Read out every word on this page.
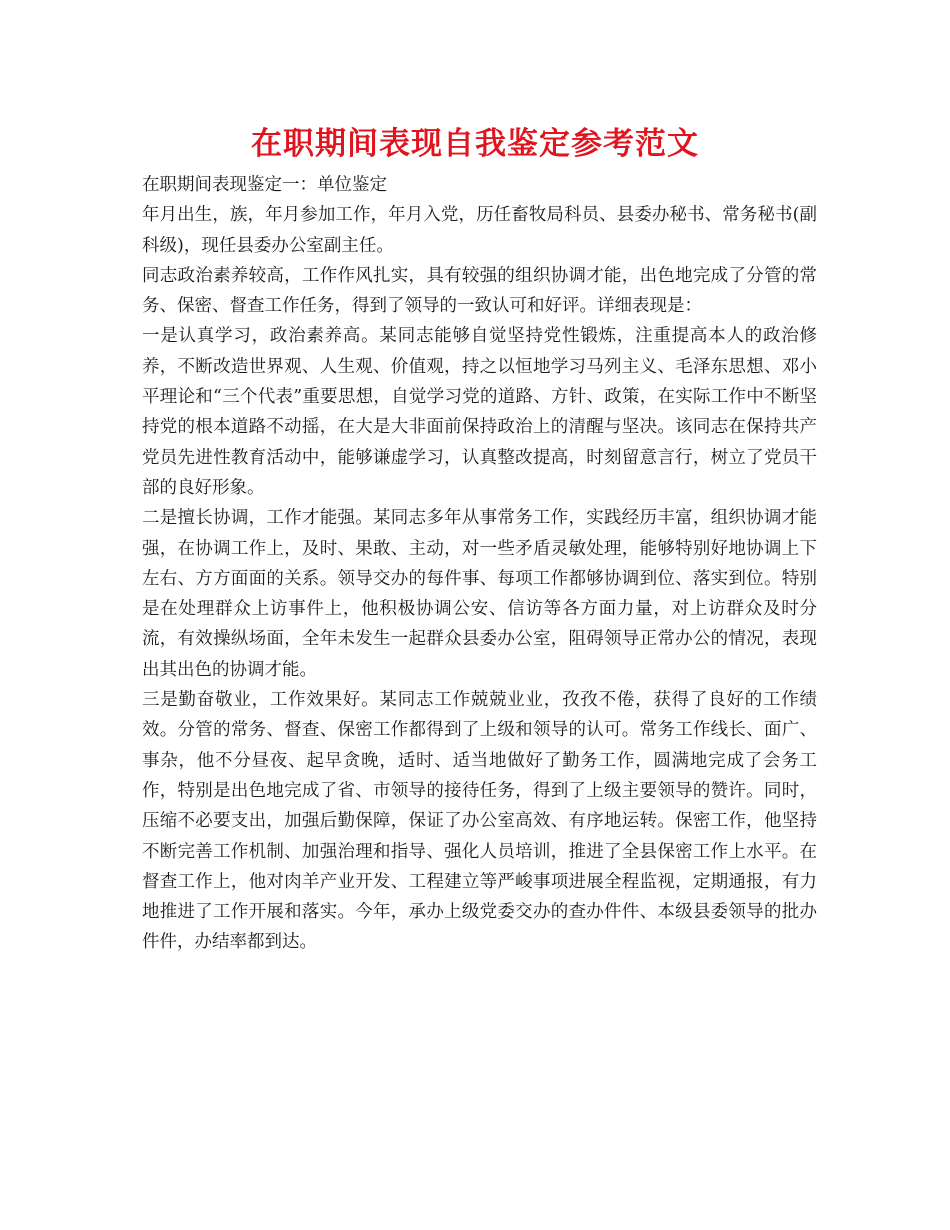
在职期间表现自我鉴定参考范文

在职期间表现鉴定一：单位鉴定

年月出生，族，年月参加工作，年月入党，历任畜牧局科员、县委办秘书、常务秘书(副科级)，现任县委办公室副主任。

同志政治素养较高，工作作风扎实，具有较强的组织协调才能，出色地完成了分管的常务、保密、督查工作任务，得到了领导的一致认可和好评。详细表现是：

一是认真学习，政治素养高。某同志能够自觉坚持党性锻炼，注重提高本人的政治修养，不断改造世界观、人生观、价值观，持之以恒地学习马列主义、毛泽东思想、邓小平理论和“三个代表”重要思想，自觉学习党的道路、方针、政策，在实际工作中不断坚持党的根本道路不动摇，在大是大非面前保持政治上的清醒与坚决。该同志在保持共产党员先进性教育活动中，能够谦虚学习，认真整改提高，时刻留意言行，树立了党员干部的良好形象。

二是擅长协调，工作才能强。某同志多年从事常务工作，实践经历丰富，组织协调才能强，在协调工作上，及时、果敢、主动，对一些矛盾灵敏处理，能够特别好地协调上下左右、方方面面的关系。领导交办的每件事、每项工作都够协调到位、落实到位。特别是在处理群众上访事件上，他积极协调公安、信访等各方面力量，对上访群众及时分流，有效操纵场面，全年未发生一起群众县委办公室，阻碍领导正常办公的情况，表现出其出色的协调才能。

三是勤奋敬业，工作效果好。某同志工作兢兢业业，孜孜不倦，获得了良好的工作绩效。分管的常务、督查、保密工作都得到了上级和领导的认可。常务工作线长、面广、事杂，他不分昼夜、起早贪晚，适时、适当地做好了勤务工作，圆满地完成了会务工作，特别是出色地完成了省、市领导的接待任务，得到了上级主要领导的赞许。同时，压缩不必要支出，加强后勤保障，保证了办公室高效、有序地运转。保密工作，他坚持不断完善工作机制、加强治理和指导、强化人员培训，推进了全县保密工作上水平。在督查工作上，他对肉羊产业开发、工程建立等严峻事项进展全程监视，定期通报，有力地推进了工作开展和落实。今年，承办上级党委交办的查办件件、本级县委领导的批办件件，办结率都到达。
